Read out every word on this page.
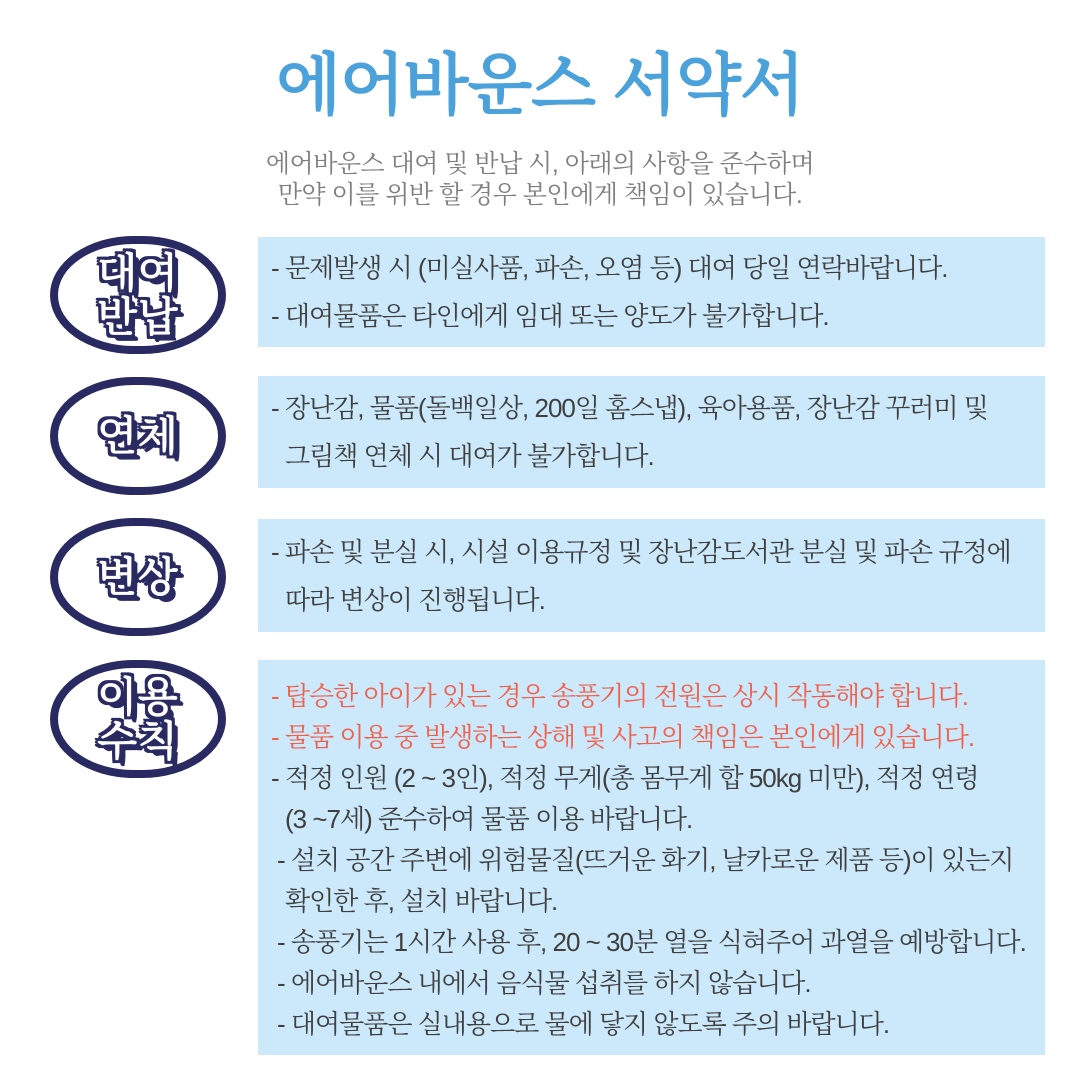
에어바운스 서약서
에어바운스 대여 및 반납 시, 아래의 사항을 준수하며
만약 이를 위반 할 경우 본인에게 책임이 있습니다.
대여
반납
- 문제발생 시 (미실사품, 파손, 오염 등) 대여 당일 연락바랍니다.
- 대여물품은 타인에게 임대 또는 양도가 불가합니다.
연체
- 장난감, 물품(돌백일상, 200일 홈스냅), 육아용품, 장난감 꾸러미 및
그림책 연체 시 대여가 불가합니다.
변상
- 파손 및 분실 시, 시설 이용규정 및 장난감도서관 분실 및 파손 규정에
따라 변상이 진행됩니다.
이용
수칙
- 탑승한 아이가 있는 경우 송풍기의 전원은 상시 작동해야 합니다.
- 물품 이용 중 발생하는 상해 및 사고의 책임은 본인에게 있습니다.
- 적정 인원 (2 ~ 3인), 적정 무게(총 몸무게 합 50kg 미만), 적정 연령
(3 ~7세) 준수하여 물품 이용 바랍니다.
- 설치 공간 주변에 위험물질(뜨거운 화기, 날카로운 제품 등)이 있는지
확인한 후, 설치 바랍니다.
- 송풍기는 1시간 사용 후, 20 ~ 30분 열을 식혀주어 과열을 예방합니다.
- 에어바운스 내에서 음식물 섭취를 하지 않습니다.
- 대여물품은 실내용으로 물에 닿지 않도록 주의 바랍니다.
